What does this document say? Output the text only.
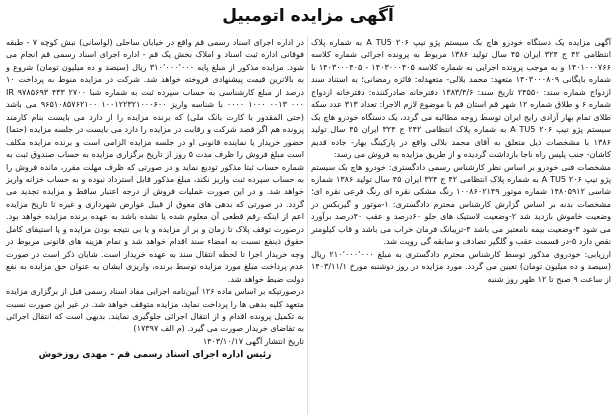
آگهی مزایده اتومبیل

آگهی مزایده یک دستگاه خودرو هاچ بک سیستم پژو تیپ A TU5 ۲۰۶ به شماره پلاک انتظامی ۴۲ ج ۳۲۴ ایران ۴۵ سال تولید ۱۳۸۶ مربوط به پرونده اجرائی شماره کلاسه ۱۴۰۱۰۰۰۷۶۶ و به موجب پرونده اجرایی به شماره کلاسه ۱۴۰۳۰۰۰۴۰۵ - ۱۴۰۳۰۰۰۴۰۵ با شماره بایگانی ۱۴۰۳۰۰۰۸۰۹ متعهد: محمد بلالی- متعهدله: فائزه رمضانی؛ به استناد سند ازدواج شماره سند: ۲۴۵۵۰ تاریخ سند: ۱۳۸۳/۴/۶ دفترخانه صادرکننده: دفترخانه ازدواج شماره ۶ و طلاق شماره ۱۲ شهر قم استان قم با موضوع لازم الاجرا: تعداد ۳۱۳ عدد سکه طلای تمام بهار آزادی رایج ایران توسط زوجه مطالبه می گردد، یک دستگاه خودرو هاچ بک سیستم پژو تیپ ۲۰۶ A TU5 به شماره پلاک انتظامی ۲۴۲ ج ۳۲۴ ایران ۴۵ سال تولید ۱۳۸۶ با مشخصات ذیل متعلق به آقای محمد بلالی واقع در پارکینگ بهار- جاده قدیم کاشان- جنب پلیس راه ناجا بازداشت گردیده و از طریق مزایده به فروش می رسد:

مشخصات فنی خودرو بر اساس نظر کارشناس رسمی دادگستری: خودرو هاچ بک سیستم پژو تیپ A TU5 ۲۰۶ به شماره پلاک انتظامی ۴۲ ج ۳۲۴ ایران ۴۵ سال تولید ۱۳۸۶ شماره شاسی ۱۴۸۰۵۹۱۲ شماره موتور ۱۰۰۸۶۰۲۱۴۹ رنگ مشکی نقره ای رنگ فرعی نقره ای؛ مشخصات بدنه بر اساس گزارش کارشناس محترم دادگستری: ۱-موتور و گیربکس در وضعیت خاموش بازدید شد ۲-وضعیت لاستیک های جلو ۶۰درصد و عقب ۴۰درصد برآورد می شود ۳-وضعیت بیمه نامعتبر می باشد ۴-تریبانک فرمان خراب می باشد و قاب کیلومتر نقص دارد ۵-در قسمت عقب و گلگیر تصادف و سابقه گی رویت شد.

ارزیابی: خودروی مذکور توسط کارشناس محترم دادگستری به مبلغ ۲۱۰٬۰۰۰٬۰۰۰ ریال (سیصد و ده میلیون تومان) تعیین می گردد. مورد مزایده در روز دوشنبه مورخ ۱۴۰۳/۱۱/۱ از ساعت ۹ صبح تا ۱۲ ظهر روز شنبه

در اداره اجرای اسناد رسمی قم واقع در خیابان ساحلی (لواسانی) نبش کوچه ۷ - طبقه فوقانی اداره ثبت اسناد و املاک بخش یک قم - اداره اجرای اسناد رسمی قم انجام می شود. مزایده مذکور از مبلغ پایه ۳۱۰٬۰۰۰٬۰۰۰ ریال (سیصد و ده میلیون تومان) شروع و به بالاترین قیمت پیشنهادی فروخته خواهد شد. شرکت در مزایده منوط به پرداخت ۱۰ درصد از مبلغ کارشناسی به حساب سپرده ثبت به شماره شبا IR ۹۷۸۵۶۹۳ ۴۳۳ ۲۷۰۰ ۰۰۰۰ ۱۰۰۰ ۰۰۱۳ ۰۰۰ با شناسه واریز ۱۰۰۱۲۲۳۲۱۰۰۰۶۰۰ ۹۶۵۱۰۸۵۷۶۲۱۰۰ می باشد (حتی المقدور با کارت بانک ملی) که برنده مزایده را از دارد می بایست بنام کارمند پرونده هم اگر قصد شرکت و رقابت در مزایده را دارد می بایست در جلسه مزایده (حتما) حضور خریدار یا نماینده قانونی او در جلسه مزایده الزامی است و برنده مزایده مکلف است مبلغ فروش را ظرف مدت ۵ روز از تاریخ برگزاری مزایده به حساب صندوق ثبت به شماره حساب ثبتا مذکور تودیع نماید و در صورتی که ظرف مهلت مقرر، مانده فروش را به حساب سپرده ثبت واریز نکند، مبلغ مذکور قابل استرداد نبوده و به حساب خزانه واریز خواهد شد. و در این صورت عملیات فروش از درجه اعتبار ساقط و مزایده تجدید می گردد. در صورتی که بدهی های معوق از قبیل عوارض شهرداری و غیره تا تاریخ مزایده اعم از اینکه رقم قطعی آن معلوم شده یا نشده باشد به عهده برنده مزایده خواهد بود. درصورت توقف پلاک تا زمان و بر از مزایده و یا بی نتیجه بودن مزایده و یا استیفای کامل حقوق ذینفع نسبت به امضاء سند اقدام خواهد شد و تمام هزینه های قانونی مربوط در وجه خریدار اجرا تا لحظه انتقال سند به عهده خریدار است. شایان ذکر است در صورت عدم پرداخت مبلغ مورد مزایده توسط برنده، واریزی ایشان به عنوان حق مزایده به نفع دولت ضبط خواهد شد.

درصورتیکه بر اساس ماده ۱۲۶ آیین‌نامه اجرایی مفاد اسناد رسمی قبل از برگزاری مزایده متعهد کلیه بدهی ها را پرداخت نماید، مزایده متوقف خواهد شد. در غیر این صورت نسبت به تکمیل پرونده اقدام و از انتقال اجرائی جلوگیری نمایند. بدیهی است که انتقال اجرائی به تقاضای خریدار صورت می گیرد. (م الف ۱۷۳۹۷)

تاریخ انتشار آگهی ۱۴۰۳/۱۰/۱۷

رئیس اداره اجرای اسناد رسمی قم - مهدی روزخوش
